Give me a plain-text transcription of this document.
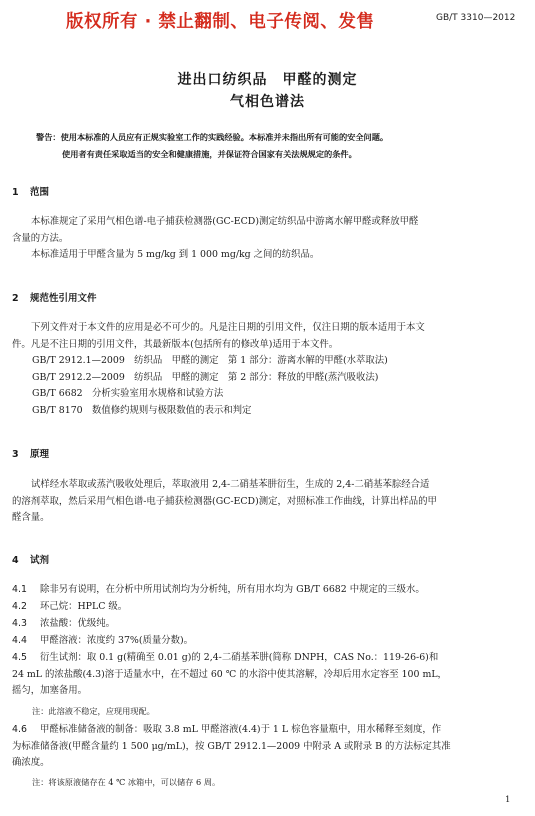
版权所有 · 禁止翻制、电子传阅、发售	GB/T 3310—2012
进出口纺织品　甲醛的测定
气相色谱法
警告：使用本标准的人员应有正规实验室工作的实践经验。本标准并未指出所有可能的安全问题。
使用者有责任采取适当的安全和健康措施，并保证符合国家有关法规规定的条件。
1 范围
本标准规定了采用气相色谱-电子捕获检测器(GC-ECD)测定纺织品中游离水解甲醛或释放甲醛
含量的方法。
本标准适用于甲醛含量为 5 mg/kg 到 1 000 mg/kg 之间的纺织品。
2 规范性引用文件
下列文件对于本文件的应用是必不可少的。凡是注日期的引用文件，仅注日期的版本适用于本文
件。凡是不注日期的引用文件，其最新版本(包括所有的修改单)适用于本文件。
GB/T 2912.1—2009　纺织品　甲醛的测定　第 1 部分：游离水解的甲醛(水萃取法)
GB/T 2912.2—2009　纺织品　甲醛的测定　第 2 部分：释放的甲醛(蒸汽吸收法)
GB/T 6682　分析实验室用水规格和试验方法
GB/T 8170　数值修约规则与极限数值的表示和判定
3 原理
试样经水萃取或蒸汽吸收处理后，萃取液用 2,4-二硝基苯肼衍生，生成的 2,4-二硝基苯腙经合适
的溶剂萃取，然后采用气相色谱-电子捕获检测器(GC-ECD)测定，对照标准工作曲线，计算出样品的甲
醛含量。
4 试剂
4.1 除非另有说明，在分析中所用试剂均为分析纯，所有用水均为 GB/T 6682 中规定的三级水。
4.2 环己烷：HPLC 级。
4.3 浓盐酸：优级纯。
4.4 甲醛溶液：浓度约 37%(质量分数)。
4.5 衍生试剂：取 0.1 g(精确至 0.01 g)的 2,4-二硝基苯肼(简称 DNPH，CAS No.：119-26-6)和
24 mL 的浓盐酸(4.3)溶于适量水中，在不超过 60 ℃ 的水浴中使其溶解，冷却后用水定容至 100 mL，
摇匀，加塞备用。
注：此溶液不稳定，应现用现配。
4.6 甲醛标准储备液的制备：吸取 3.8 mL 甲醛溶液(4.4)于 1 L 棕色容量瓶中，用水稀释至刻度，作
为标准储备液(甲醛含量约 1 500 μg/mL)，按 GB/T 2912.1—2009 中附录 A 或附录 B 的方法标定其准
确浓度。
注：将该原液储存在 4 ℃ 冰箱中，可以储存 6 周。
1
